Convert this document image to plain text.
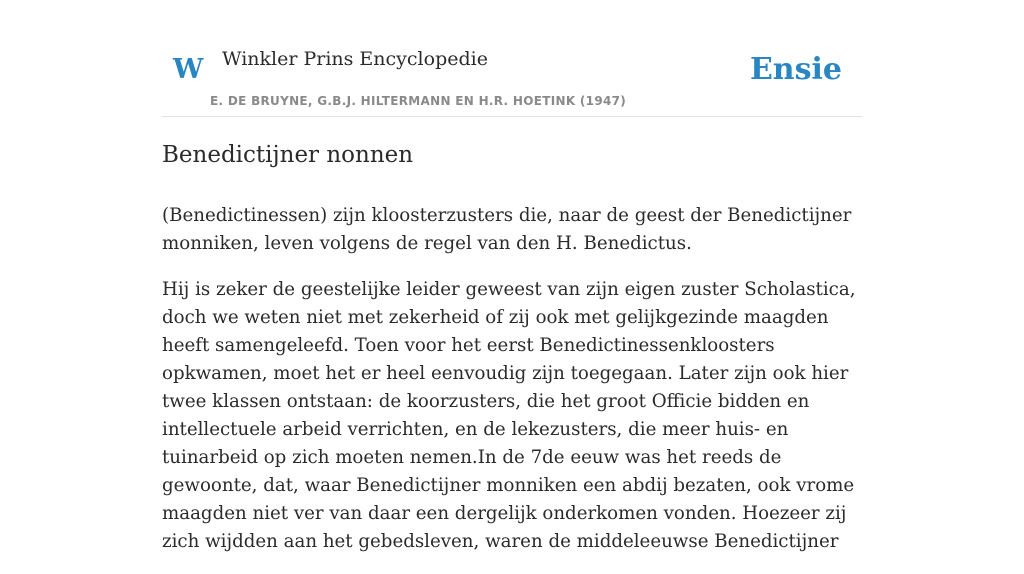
W Winkler Prins Encyclopedie
E. DE BRUYNE, G.B.J. HILTERMANN EN H.R. HOETINK (1947)
Ensie
Benedictijner nonnen

(Benedictinessen) zijn kloosterzusters die, naar de geest der Benedictijner monniken, leven volgens de regel van den H. Benedictus.

Hij is zeker de geestelijke leider geweest van zijn eigen zuster Scholastica, doch we weten niet met zekerheid of zij ook met gelijkgezinde maagden heeft samengeleefd. Toen voor het eerst Benedictinessenkloosters opkwamen, moet het er heel eenvoudig zijn toegegaan. Later zijn ook hier twee klassen ontstaan: de koorzusters, die het groot Officie bidden en intellectuele arbeid verrichten, en de lekezusters, die meer huis- en tuinarbeid op zich moeten nemen.In de 7de eeuw was het reeds de gewoonte, dat, waar Benedictijner monniken een abdij bezaten, ook vrome maagden niet ver van daar een dergelijk onderkomen vonden. Hoezeer zij zich wijdden aan het gebedsleven, waren de middeleeuwse Benedictijner
